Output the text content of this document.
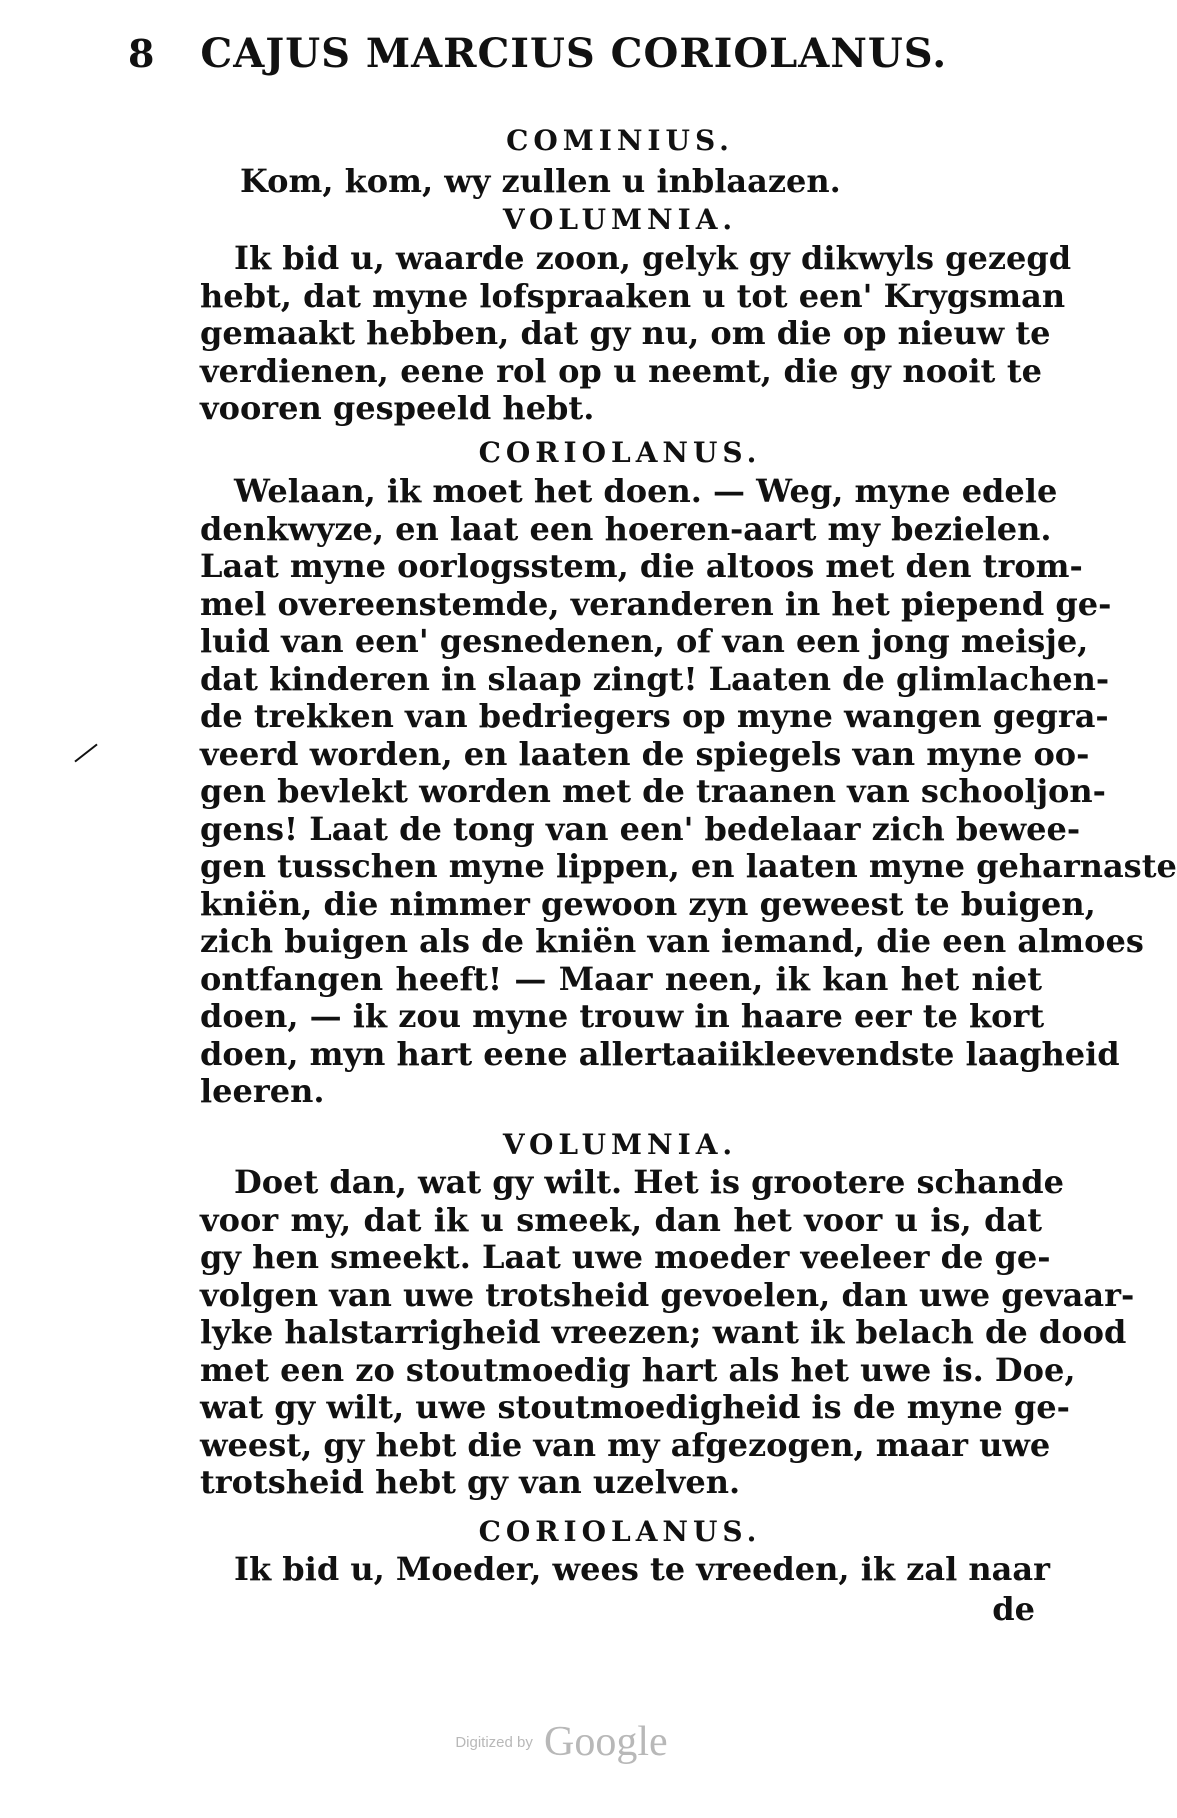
8 CAJUS MARCIUS CORIOLANUS.
COMINIUS.
Kom, kom, wy zullen u inblaazen.
VOLUMNIA.
Ik bid u, waarde zoon, gelyk gy dikwyls gezegd
hebt, dat myne lofspraaken u tot een' Krygsman
gemaakt hebben, dat gy nu, om die op nieuw te
verdienen, eene rol op u neemt, die gy nooit te
vooren gespeeld hebt.
CORIOLANUS.
Welaan, ik moet het doen. — Weg, myne edele
denkwyze, en laat een hoeren-aart my bezielen.
Laat myne oorlogsstem, die altoos met den trom-
mel overeenstemde, veranderen in het piepend ge-
luid van een' gesnedenen, of van een jong meisje,
dat kinderen in slaap zingt! Laaten de glimlachen-
de trekken van bedriegers op myne wangen gegra-
veerd worden, en laaten de spiegels van myne oo-
gen bevlekt worden met de traanen van schooljon-
gens! Laat de tong van een' bedelaar zich bewee-
gen tusschen myne lippen, en laaten myne geharnaste
kniën, die nimmer gewoon zyn geweest te buigen,
zich buigen als de kniën van iemand, die een almoes
ontfangen heeft! — Maar neen, ik kan het niet
doen, — ik zou myne trouw in haare eer te kort
doen, myn hart eene allertaaiikleevendste laagheid
leeren.
VOLUMNIA.
Doet dan, wat gy wilt. Het is grootere schande
voor my, dat ik u smeek, dan het voor u is, dat
gy hen smeekt. Laat uwe moeder veeleer de ge-
volgen van uwe trotsheid gevoelen, dan uwe gevaar-
lyke halstarrigheid vreezen; want ik belach de dood
met een zo stoutmoedig hart als het uwe is. Doe,
wat gy wilt, uwe stoutmoedigheid is de myne ge-
weest, gy hebt die van my afgezogen, maar uwe
trotsheid hebt gy van uzelven.
CORIOLANUS.
Ik bid u, Moeder, wees te vreeden, ik zal naar
de
Digitized by Google
